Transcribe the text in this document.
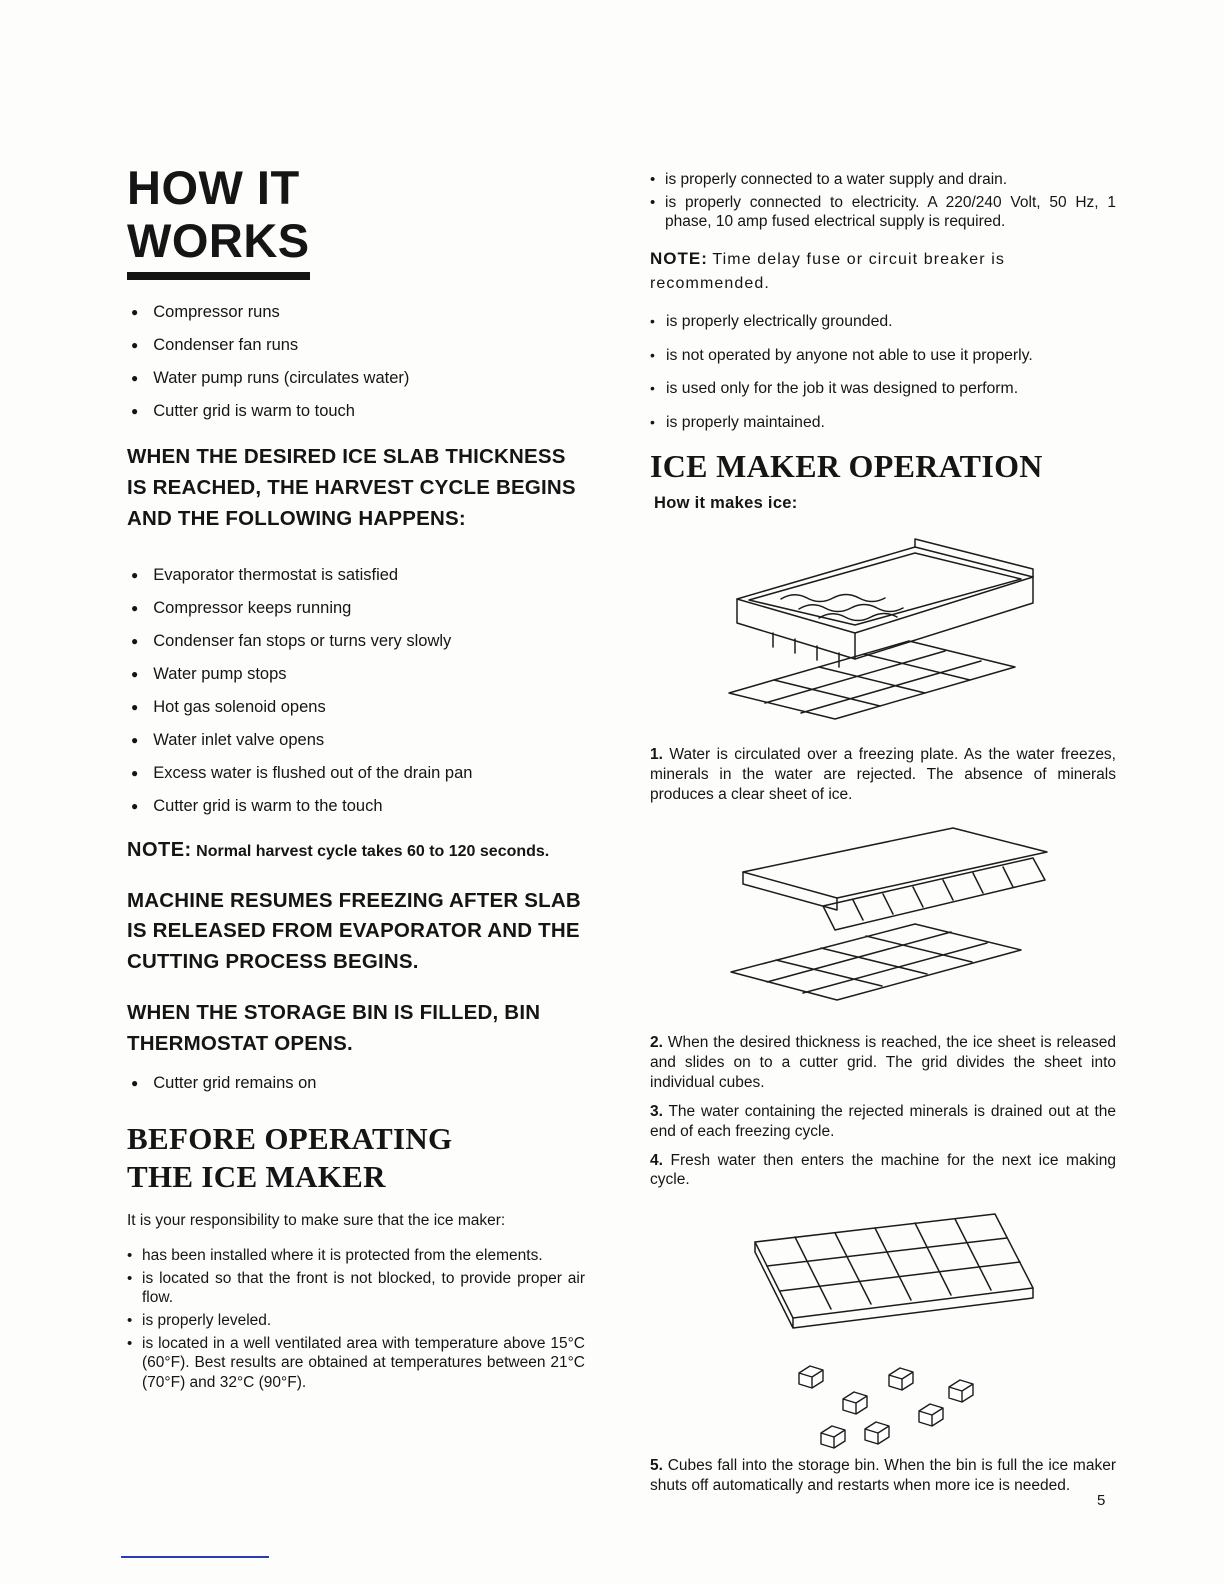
HOW IT
WORKS
● Compressor runs
● Condenser fan runs
● Water pump runs (circulates water)
● Cutter grid is warm to touch
WHEN THE DESIRED ICE SLAB THICKNESS IS REACHED, THE HARVEST CYCLE BEGINS AND THE FOLLOWING HAPPENS:
● Evaporator thermostat is satisfied
● Compressor keeps running
● Condenser fan stops or turns very slowly
● Water pump stops
● Hot gas solenoid opens
● Water inlet valve opens
● Excess water is flushed out of the drain pan
● Cutter grid is warm to the touch

NOTE: Normal harvest cycle takes 60 to 120 seconds.

MACHINE RESUMES FREEZING AFTER SLAB IS RELEASED FROM EVAPORATOR AND THE CUTTING PROCESS BEGINS.
WHEN THE STORAGE BIN IS FILLED, BIN THERMOSTAT OPENS.
● Cutter grid remains on
BEFORE OPERATING
THE ICE MAKER

It is your responsibility to make sure that the ice maker:

• has been installed where it is protected from the elements.
• is located so that the front is not blocked, to provide proper air flow.
• is properly leveled.
• is located in a well ventilated area with temperature above 15°C (60°F). Best results are obtained at temperatures between 21°C (70°F) and 32°C (90°F).
• is properly connected to a water supply and drain.
• is properly connected to electricity. A 220/240 Volt, 50 Hz, 1 phase, 10 amp fused electrical supply is required.

NOTE: Time delay fuse or circuit breaker is recommended.

• is properly electrically grounded.
• is not operated by anyone not able to use it properly.
• is used only for the job it was designed to perform.
• is properly maintained.
ICE MAKER OPERATION

How it makes ice:

1. Water is circulated over a freezing plate. As the water freezes, minerals in the water are rejected. The absence of minerals produces a clear sheet of ice.

2. When the desired thickness is reached, the ice sheet is released and slides on to a cutter grid. The grid divides the sheet into individual cubes.

3. The water containing the rejected minerals is drained out at the end of each freezing cycle.

4. Fresh water then enters the machine for the next ice making cycle.

5. Cubes fall into the storage bin. When the bin is full the ice maker shuts off automatically and restarts when more ice is needed.

5
